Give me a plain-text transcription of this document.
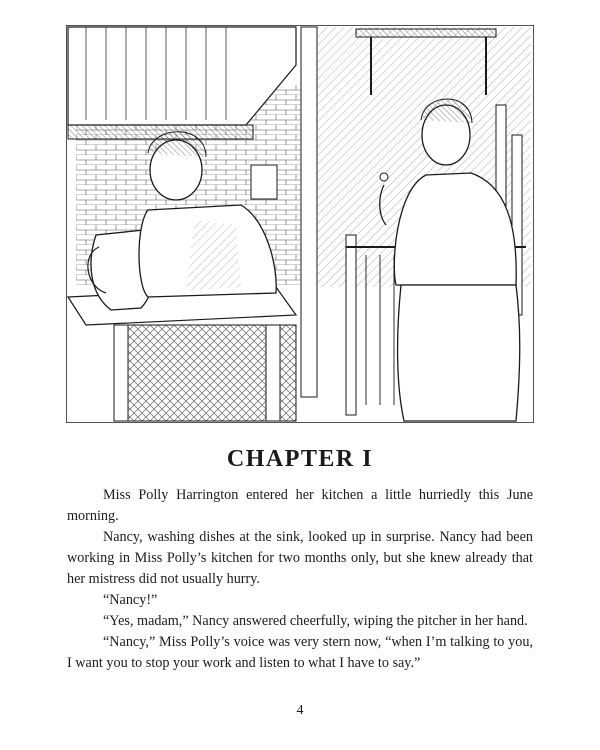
CHAPTER I

Miss Polly Harrington entered her kitchen a little hurriedly this June morning.

Nancy, washing dishes at the sink, looked up in surprise. Nancy had been working in Miss Polly’s kitchen for two months only, but she knew already that her mistress did not usually hurry.

“Nancy!”

“Yes, madam,” Nancy answered cheerfully, wiping the pitcher in her hand.

“Nancy,” Miss Polly’s voice was very stern now, “when I’m talking to you, I want you to stop your work and listen to what I have to say.”

4
